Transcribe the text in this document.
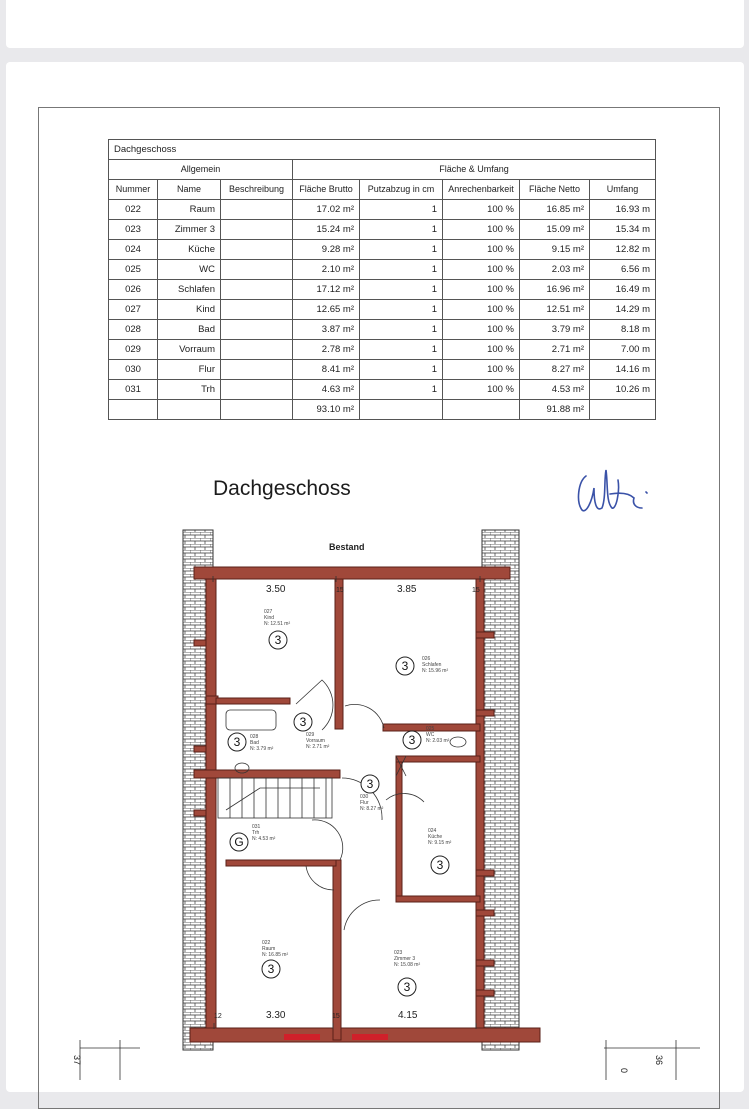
Dachgeschoss							
Allgemein			Fläche & Umfang				
Nummer	Name	Beschreibung	Fläche Brutto	Putzabzug in cm	Anrechenbarkeit	Fläche Netto	Umfang
022	Raum		17.02 m²	1	100 %	16.85 m²	16.93 m
023	Zimmer 3		15.24 m²	1	100 %	15.09 m²	15.34 m
024	Küche		9.28 m²	1	100 %	9.15 m²	12.82 m
025	WC		2.10 m²	1	100 %	2.03 m²	6.56 m
026	Schlafen		17.12 m²	1	100 %	16.96 m²	16.49 m
027	Kind		12.65 m²	1	100 %	12.51 m²	14.29 m
028	Bad		3.87 m²	1	100 %	3.79 m²	8.18 m
029	Vorraum		2.78 m²	1	100 %	2.71 m²	7.00 m
030	Flur		8.41 m²	1	100 %	8.27 m²	14.16 m
031	Trh		4.63 m²	1	100 %	4.53 m²	10.26 m
			93.10 m²			91.88 m²	
Dachgeschoss
Bestand
3.50	3.85
3.30	4.15
15	15
12	15
37	36
0
027
Kind
N: 12.51 m²
3
026
Schlafen
N: 15.96 m²
3
029
Vorraum
N: 2.71 m²
3
028
Bad
N: 3.79 m²
3
025
WC
N: 2.03 m²
3
030
Flur
N: 8.27 m²
3
031
Trh
N: 4.53 m²
G
024
Küche
N: 9.15 m²
3
022
Raum
N: 16.85 m²
3
023
Zimmer 3
N: 15.08 m²
3
